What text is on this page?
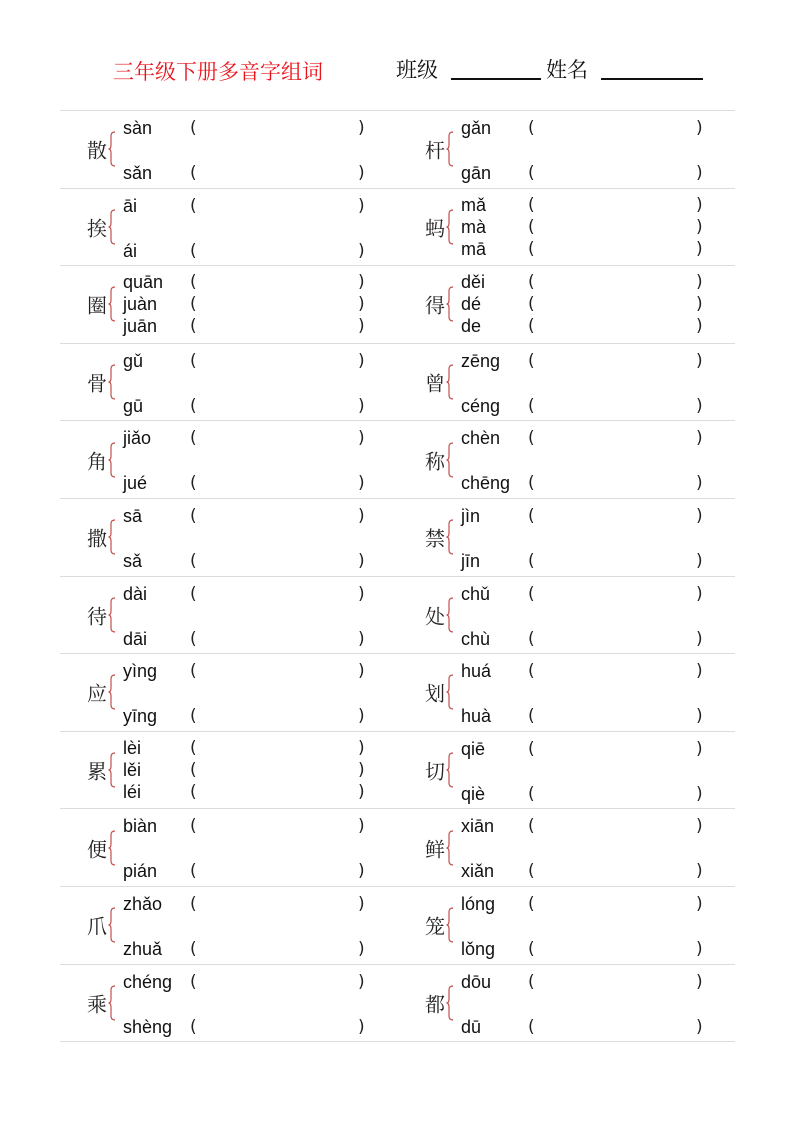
三年级下册多音字组词	班级	姓名
散
sàn (	)
sǎn (	)
杆
gǎn (	)
gān (	)
挨
āi	(	)
ái	(	)
蚂
mǎ (	)
mà (	)
mā (	)
圈
quān (	)
juàn (	)
juān (	)
得
děi	(	)
dé	(	)
de	(	)
骨
gǔ	(	)
gū	(	)
曾
zēng (	)
céng (	)
角
jiǎo (	)
jué	(	)
称
chèn (	)
chēng (	)
撒
sā	(	)
sǎ	(	)
禁
jìn	(	)
jīn	(	)
待
dài	(	)
dāi	(	)
处
chǔ (	)
chù (	)
应
yìng (	)
yīng (	)
划
huá (	)
huà (	)
累
lèi	(	)
lěi	(	)
léi	(	)
切
qiē	(	)
qiè	(	)
便
biàn (	)
pián (	)
鲜
xiān (	)
xiǎn (	)
爪
zhǎo (	)
zhuǎ (	)
笼
lóng (	)
lǒng (	)
乘
chéng (	)
shèng (	)
都
dōu (	)
dū	(	)
